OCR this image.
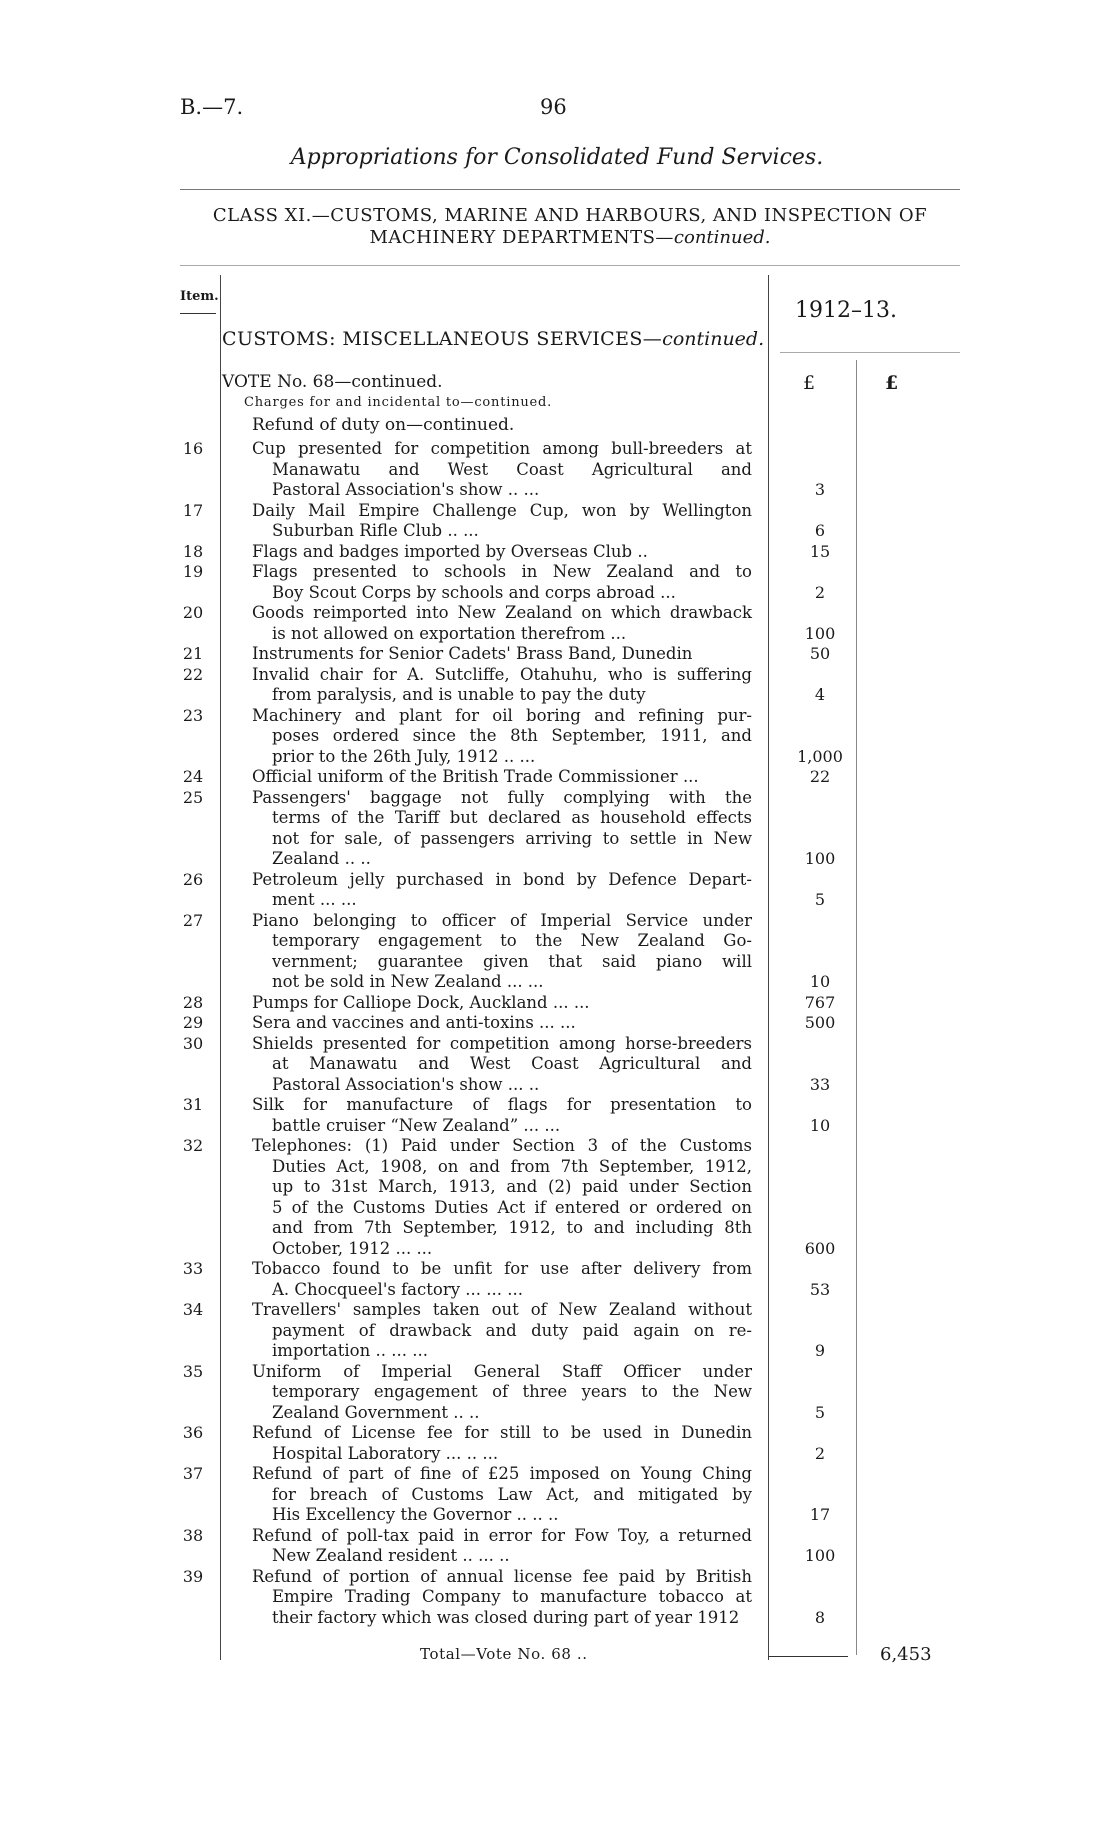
B.—7.	96
Appropriations for Consolidated Fund Services.
CLASS XI.—CUSTOMS, MARINE AND HARBOURS, AND INSPECTION OF
MACHINERY DEPARTMENTS—continued.
Item.
1912–13.
CUSTOMS: MISCELLANEOUS SERVICES—continued.
VOTE No. 68—continued.
Charges for and incidental to—continued.
Refund of duty on—continued.
£	£
16	Cup presented for competition among bull-breeders at
Manawatu and West Coast Agricultural and
Pastoral Association's show .. ...	3
17	Daily Mail Empire Challenge Cup, won by Wellington
Suburban Rifle Club .. ...	6
18	Flags and badges imported by Overseas Club ..	15
19	Flags presented to schools in New Zealand and to
Boy Scout Corps by schools and corps abroad ...	2
20	Goods reimported into New Zealand on which drawback
is not allowed on exportation therefrom ...	100
21	Instruments for Senior Cadets' Brass Band, Dunedin	50
22	Invalid chair for A. Sutcliffe, Otahuhu, who is suffering
from paralysis, and is unable to pay the duty	4
23	Machinery and plant for oil boring and refining pur-
poses ordered since the 8th September, 1911, and
prior to the 26th July, 1912 .. ...	1,000
24	Official uniform of the British Trade Commissioner ...	22
25	Passengers' baggage not fully complying with the
terms of the Tariff but declared as household effects
not for sale, of passengers arriving to settle in New
Zealand .. ..	100
26	Petroleum jelly purchased in bond by Defence Depart-
ment ... ...	5
27	Piano belonging to officer of Imperial Service under
temporary engagement to the New Zealand Go-
vernment; guarantee given that said piano will
not be sold in New Zealand ... ...	10
28	Pumps for Calliope Dock, Auckland ... ...	767
29	Sera and vaccines and anti-toxins ... ...	500
30	Shields presented for competition among horse-breeders
at Manawatu and West Coast Agricultural and
Pastoral Association's show ... ..	33
31	Silk for manufacture of flags for presentation to
battle cruiser “New Zealand” ... ...	10
32	Telephones: (1) Paid under Section 3 of the Customs
Duties Act, 1908, on and from 7th September, 1912,
up to 31st March, 1913, and (2) paid under Section
5 of the Customs Duties Act if entered or ordered on
and from 7th September, 1912, to and including 8th
October, 1912 ... ...	600
33	Tobacco found to be unfit for use after delivery from
A. Chocqueel's factory ... ... ...	53
34	Travellers' samples taken out of New Zealand without
payment of drawback and duty paid again on re-
importation .. ... ...	9
35	Uniform of Imperial General Staff Officer under
temporary engagement of three years to the New
Zealand Government .. ..	5
36	Refund of License fee for still to be used in Dunedin
Hospital Laboratory ... .. ...	2
37	Refund of part of fine of £25 imposed on Young Ching
for breach of Customs Law Act, and mitigated by
His Excellency the Governor .. .. ..	17
38	Refund of poll-tax paid in error for Fow Toy, a returned
New Zealand resident .. ... ..	100
39	Refund of portion of annual license fee paid by British
Empire Trading Company to manufacture tobacco at
their factory which was closed during part of year 1912	8
Total—Vote No. 68 ..	6,453
